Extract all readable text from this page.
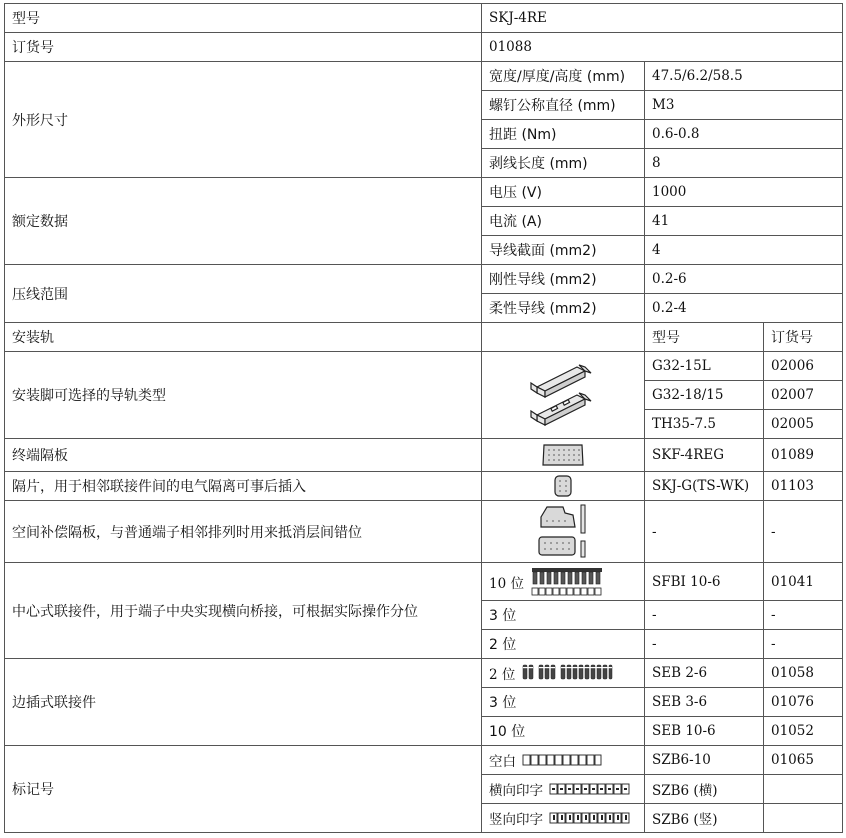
型号	SKJ-4RE		
订货号	01088		
外形尺寸	宽度/厚度/高度 (mm)	47.5/6.2/58.5	
	螺钉公称直径 (mm)	M3	
	扭距 (Nm)	0.6-0.8	
	剥线长度 (mm)	8	
额定数据	电压 (V)	1000	
	电流 (A)	41	
	导线截面 (mm2)	4	
压线范围	刚性导线 (mm2)	0.2-6	
	柔性导线 (mm2)	0.2-4	
安装轨		型号	订货号
安装脚可选择的导轨类型		G32-15L	02006
		G32-18/15	02007
		TH35-7.5	02005
终端隔板		SKF-4REG	01089
隔片，用于相邻联接件间的电气隔离可事后插入		SKJ-G(TS-WK)	01103
空间补偿隔板，与普通端子相邻排列时用来抵消层间错位		-	-
中心式联接件，用于端子中央实现横向桥接，可根据实际操作分位	10 位	SFBI 10-6	01041
	3 位	-	-
	2 位	-	-
边插式联接件	2 位	SEB 2-6	01058
	3 位	SEB 3-6	01076
	10 位	SEB 10-6	01052
标记号	空白	SZB6-10	01065

	横向印字	SZB6 (横)	

	竖向印字	SZB6 (竖)	
